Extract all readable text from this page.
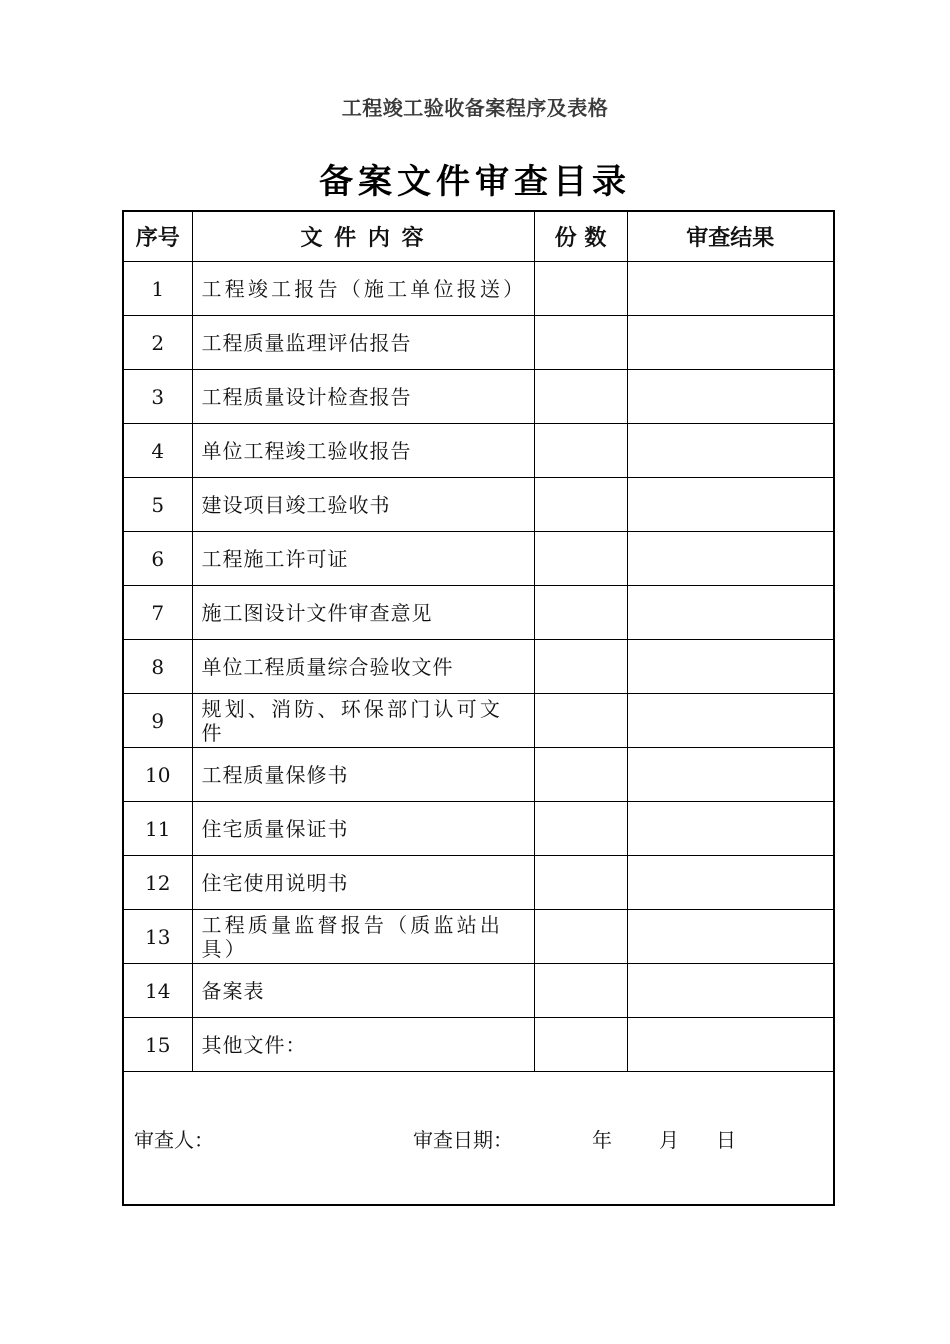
工程竣工验收备案程序及表格
备案文件审查目录
序号	文 件 内 容	份 数	审查结果
1	工程竣工报告（施工单位报送）		
2	工程质量监理评估报告		
3	工程质量设计检查报告		
4	单位工程竣工验收报告		
5	建设项目竣工验收书		
6	工程施工许可证		
7	施工图设计文件审查意见		
8	单位工程质量综合验收文件		
9	规划、消防、环保部门认可文件		
10	工程质量保修书		
11	住宅质量保证书		
12	住宅使用说明书		
13	工程质量监督报告（质监站出具）		
14	备案表		
15	其他文件：		

审查人： 审查日期： 年 月 日			
